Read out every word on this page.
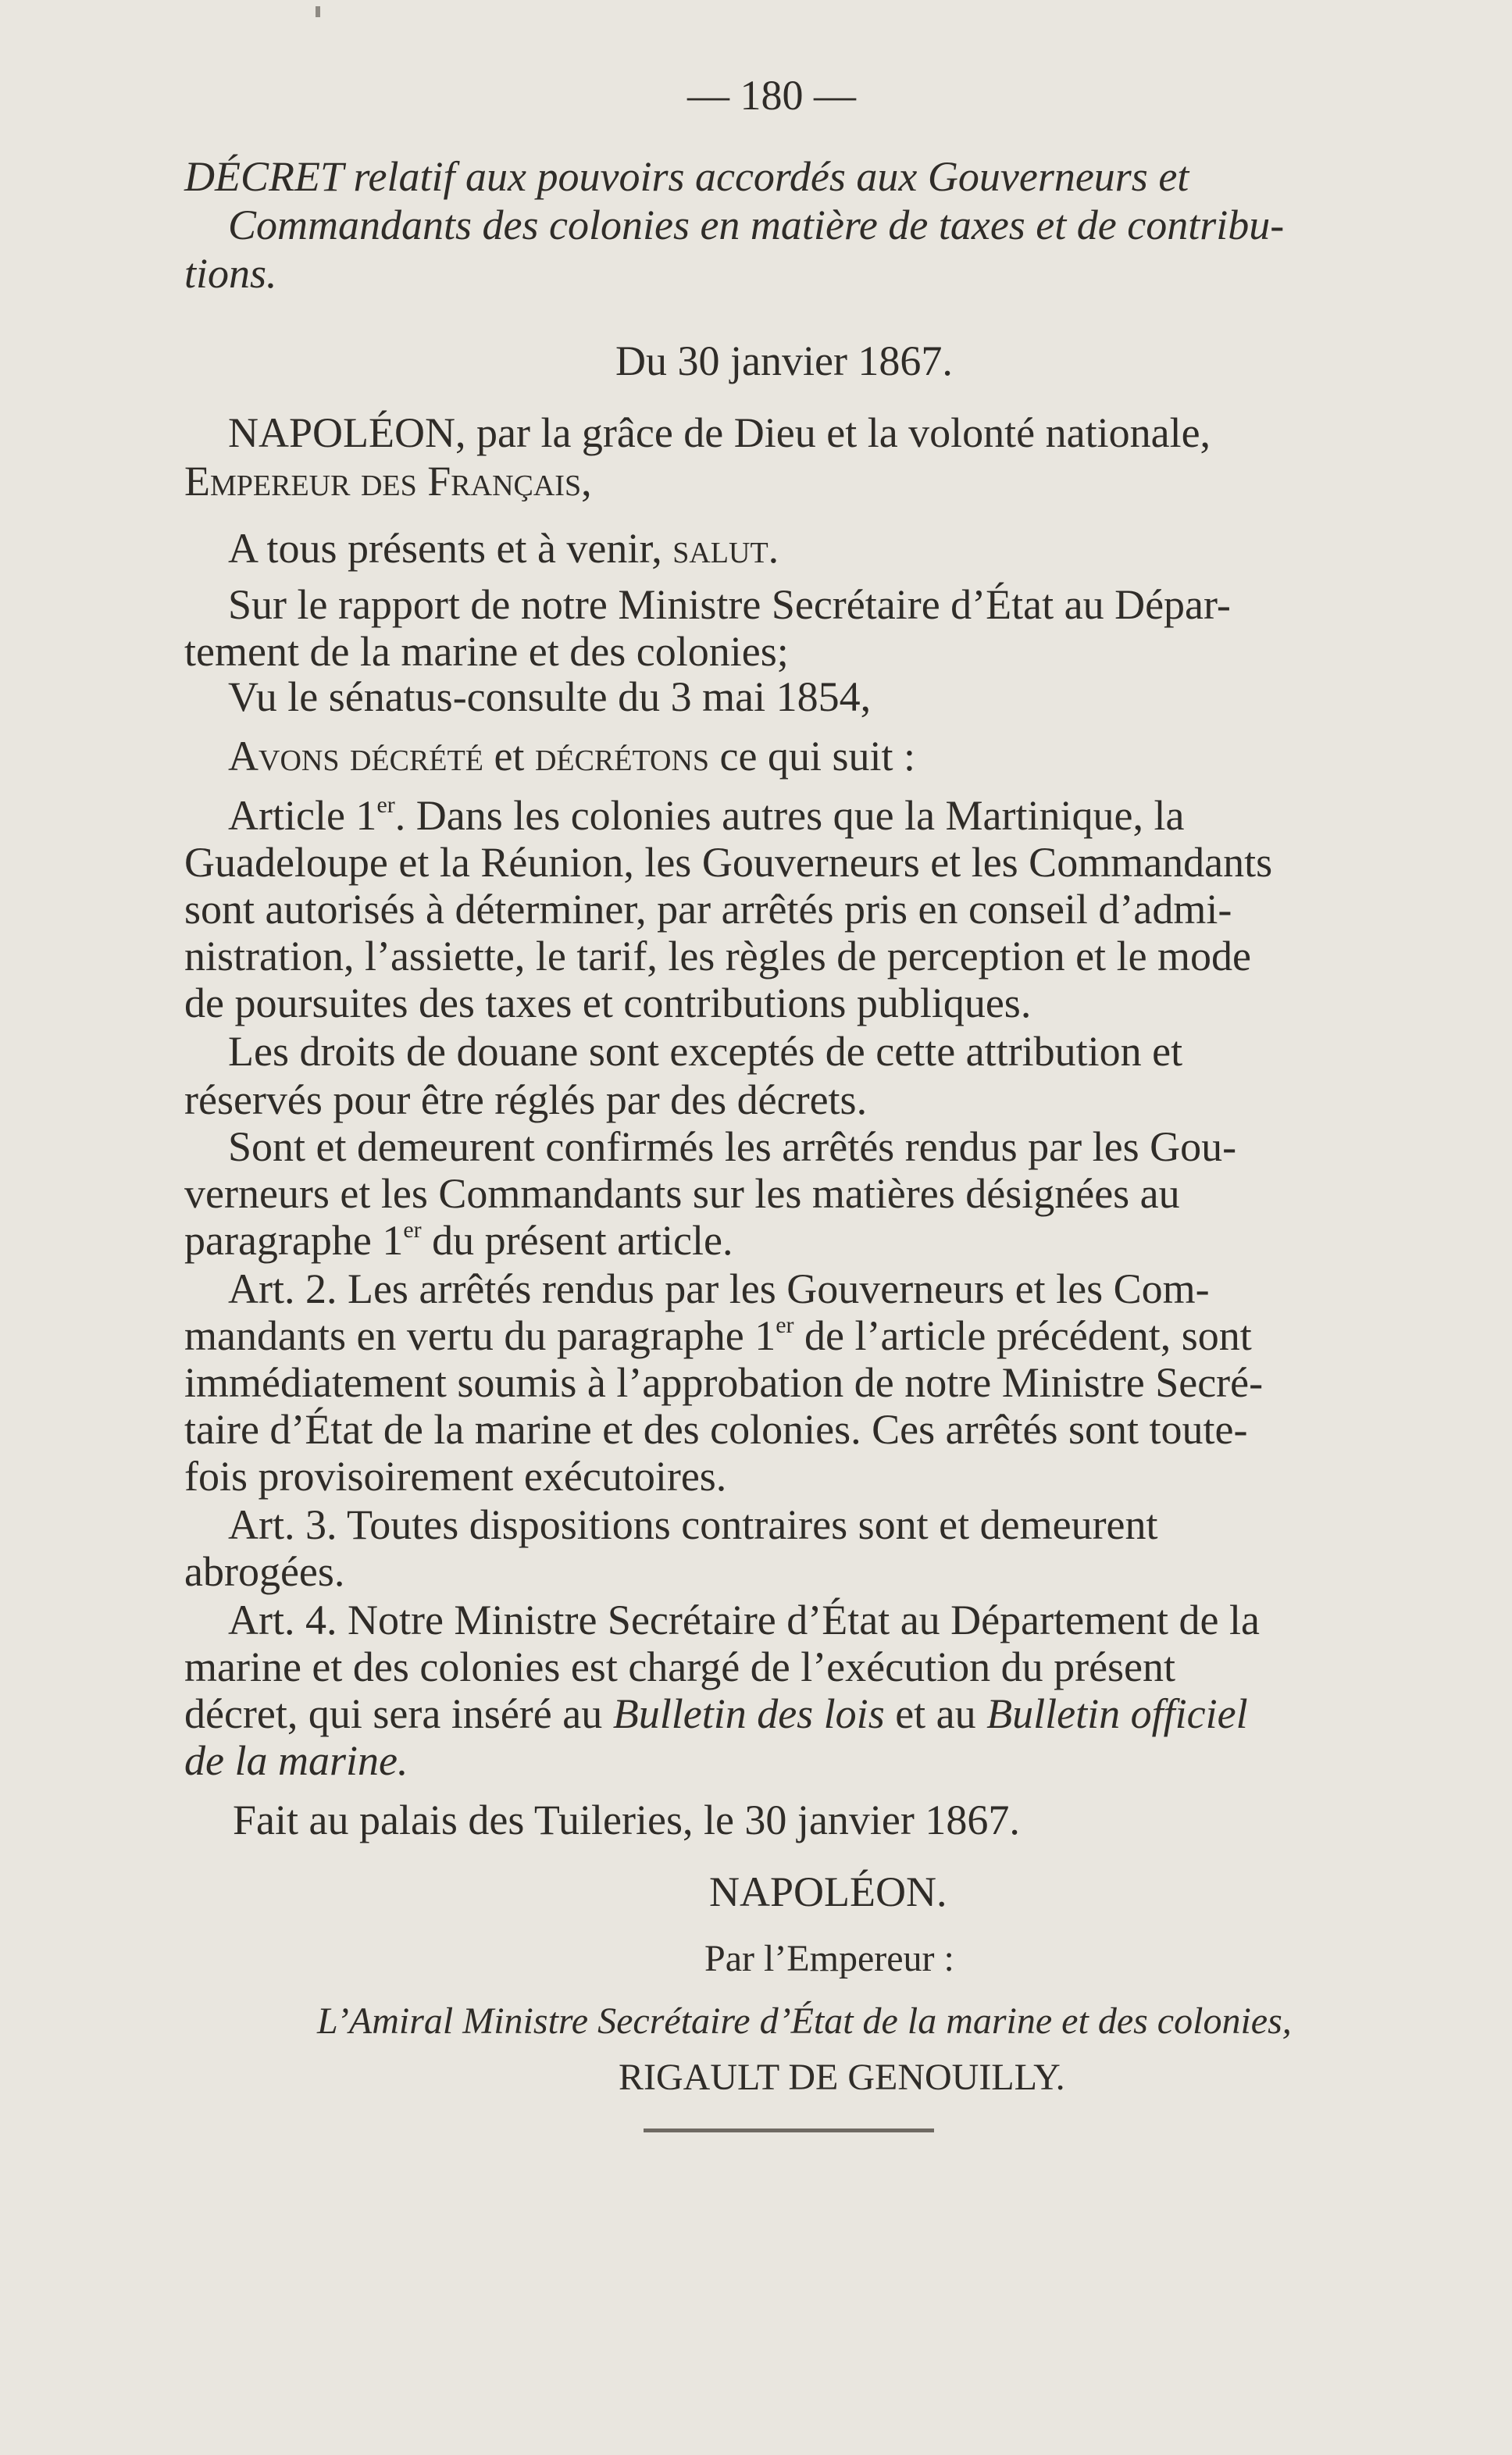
— 180 —
DÉCRET relatif aux pouvoirs accordés aux Gouverneurs et
Commandants des colonies en matière de taxes et de contribu-
tions.
Du 30 janvier 1867.
NAPOLÉON, par la grâce de Dieu et la volonté nationale,
Empereur des Français,
A tous présents et à venir, salut.
Sur le rapport de notre Ministre Secrétaire d’État au Dépar-
tement de la marine et des colonies;
Vu le sénatus-consulte du 3 mai 1854,
Avons décrété et décrétons ce qui suit :
Article 1er. Dans les colonies autres que la Martinique, la
Guadeloupe et la Réunion, les Gouverneurs et les Commandants
sont autorisés à déterminer, par arrêtés pris en conseil d’admi-
nistration, l’assiette, le tarif, les règles de perception et le mode
de poursuites des taxes et contributions publiques.
Les droits de douane sont exceptés de cette attribution et
réservés pour être réglés par des décrets.
Sont et demeurent confirmés les arrêtés rendus par les Gou-
verneurs et les Commandants sur les matières désignées au
paragraphe 1er du présent article.
Art. 2. Les arrêtés rendus par les Gouverneurs et les Com-
mandants en vertu du paragraphe 1er de l’article précédent, sont
immédiatement soumis à l’approbation de notre Ministre Secré-
taire d’État de la marine et des colonies. Ces arrêtés sont toute-
fois provisoirement exécutoires.
Art. 3. Toutes dispositions contraires sont et demeurent
abrogées.
Art. 4. Notre Ministre Secrétaire d’État au Département de la
marine et des colonies est chargé de l’exécution du présent
décret, qui sera inséré au Bulletin des lois et au Bulletin officiel
de la marine.
Fait au palais des Tuileries, le 30 janvier 1867.
NAPOLÉON.
Par l’Empereur :
L’Amiral Ministre Secrétaire d’État de la marine et des colonies,
RIGAULT DE GENOUILLY.
